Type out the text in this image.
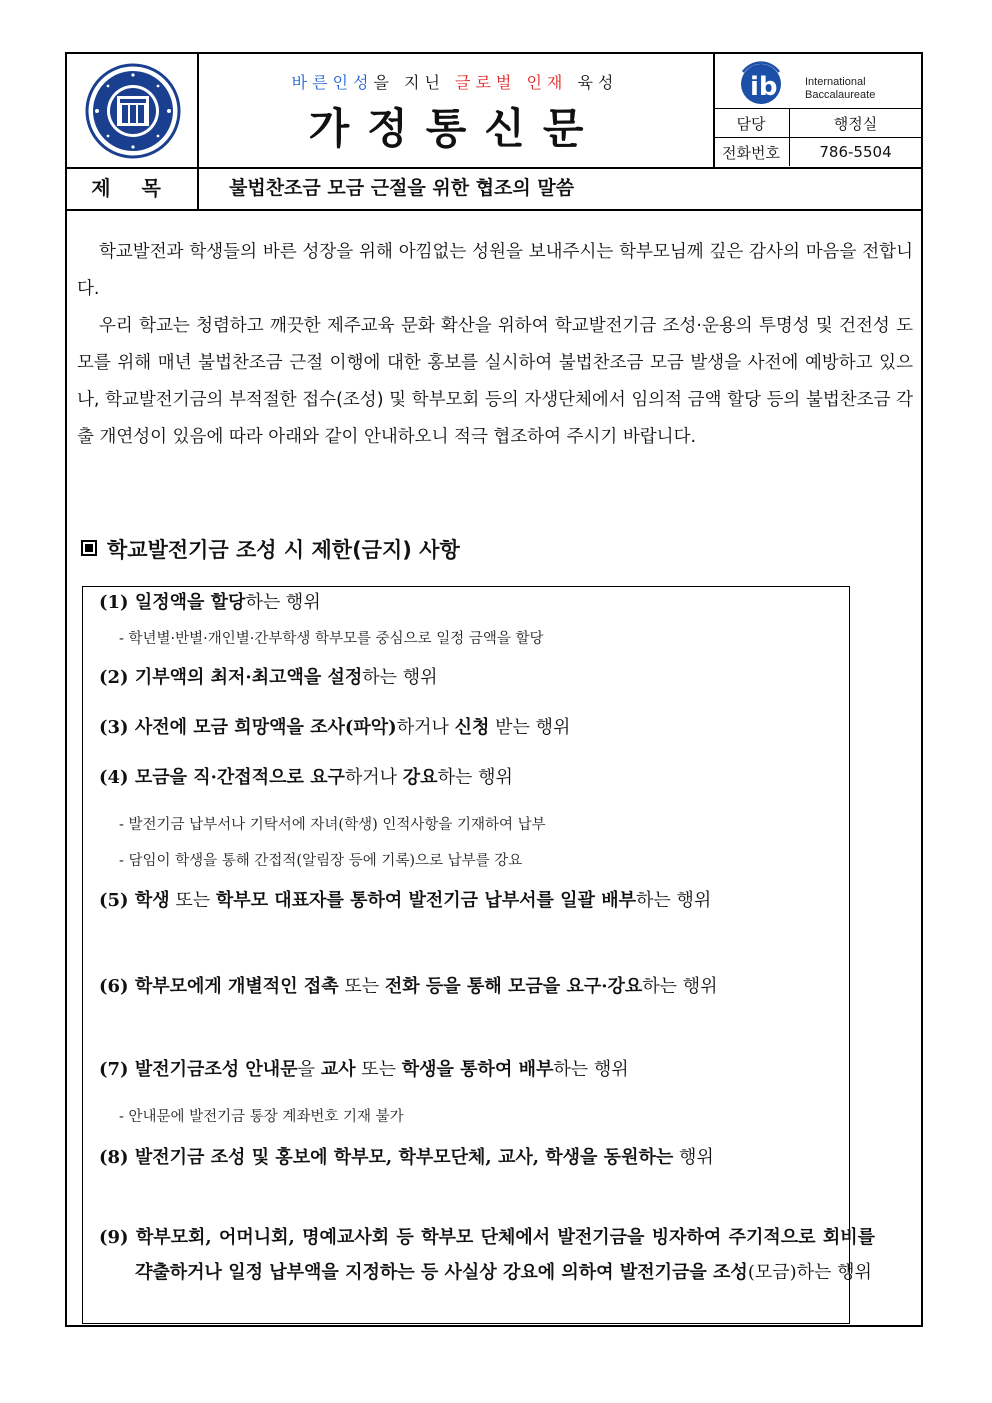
바른인성을 지닌 글로벌 인재 육성
가정통신문
ib International Baccalaureate
담당	행정실
전화번호	786-5504
제 목	불법찬조금 모금 근절을 위한 협조의 말씀

학교발전과 학생들의 바른 성장을 위해 아낌없는 성원을 보내주시는 학부모님께 깊은 감사의 마음을 전합니다.

우리 학교는 청렴하고 깨끗한 제주교육 문화 확산을 위하여 학교발전기금 조성·운용의 투명성 및 건전성 도모를 위해 매년 불법찬조금 근절 이행에 대한 홍보를 실시하여 불법찬조금 모금 발생을 사전에 예방하고 있으나, 학교발전기금의 부적절한 접수(조성) 및 학부모회 등의 자생단체에서 임의적 금액 할당 등의 불법찬조금 각출 개연성이 있음에 따라 아래와 같이 안내하오니 적극 협조하여 주시기 바랍니다.

학교발전기금 조성 시 제한(금지) 사항
(1) 일정액을 할당하는 행위
- 학년별·반별·개인별·간부학생 학부모를 중심으로 일정 금액을 할당
(2) 기부액의 최저·최고액을 설정하는 행위
(3) 사전에 모금 희망액을 조사(파악)하거나 신청 받는 행위
(4) 모금을 직·간접적으로 요구하거나 강요하는 행위
- 발전기금 납부서나 기탁서에 자녀(학생) 인적사항을 기재하여 납부
- 담임이 학생을 통해 간접적(알림장 등에 기록)으로 납부를 강요
(5) 학생 또는 학부모 대표자를 통하여 발전기금 납부서를 일괄 배부하는 행위
(6) 학부모에게 개별적인 접촉 또는 전화 등을 통해 모금을 요구·강요하는 행위
(7) 발전기금조성 안내문을 교사 또는 학생을 통하여 배부하는 행위
- 안내문에 발전기금 통장 계좌번호 기재 불가
(8) 발전기금 조성 및 홍보에 학부모, 학부모단체, 교사, 학생을 동원하는 행위
(9) 학부모회, 어머니회, 명예교사회 등 학부모 단체에서 발전기금을 빙자하여 주기적으로 회비를 갹출하거나 일정 납부액을 지정하는 등 사실상 강요에 의하여 발전기금을 조성(모금)하는 행위
